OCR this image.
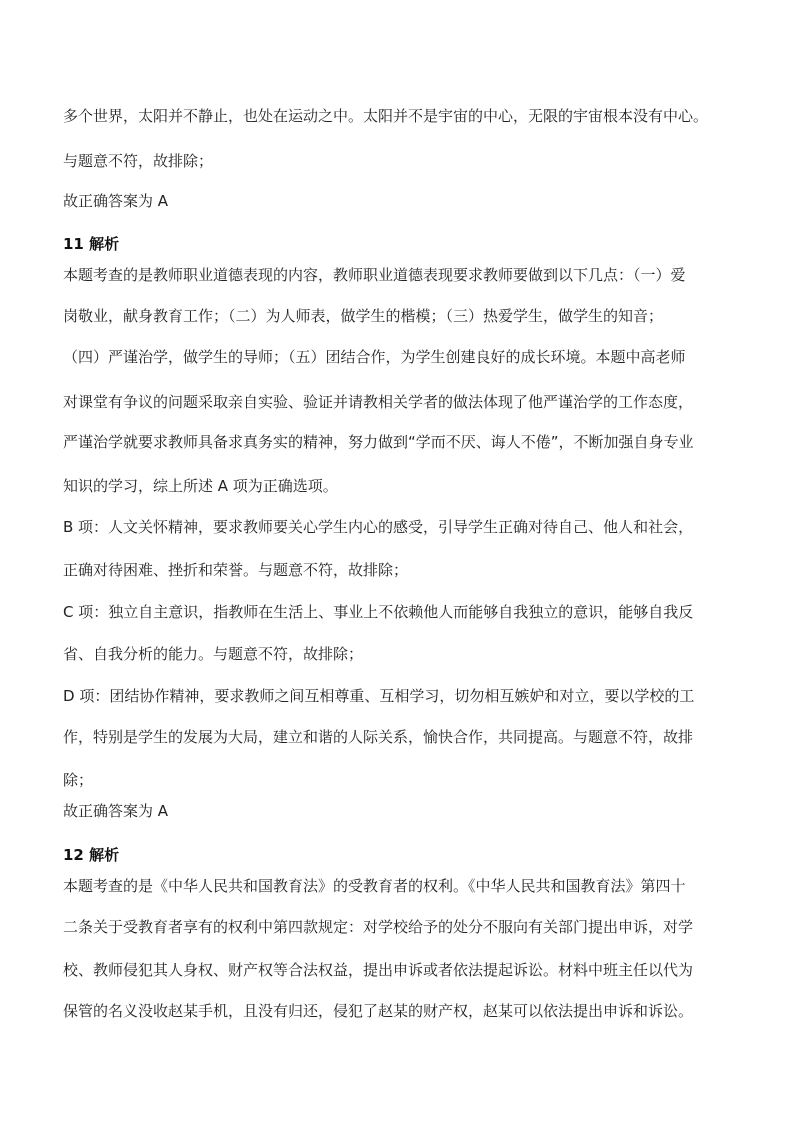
多个世界，太阳并不静止，也处在运动之中。太阳并不是宇宙的中心，无限的宇宙根本没有中心。
与题意不符，故排除；
故正确答案为 A
11 解析
本题考查的是教师职业道德表现的内容，教师职业道德表现要求教师要做到以下几点：（一）爱
岗敬业，献身教育工作；（二）为人师表，做学生的楷模；（三）热爱学生，做学生的知音；
（四）严谨治学，做学生的导师；（五）团结合作，为学生创建良好的成长环境。本题中高老师
对课堂有争议的问题采取亲自实验、验证并请教相关学者的做法体现了他严谨治学的工作态度，
严谨治学就要求教师具备求真务实的精神，努力做到“学而不厌、诲人不倦”，不断加强自身专业
知识的学习，综上所述 A 项为正确选项。
B 项：人文关怀精神，要求教师要关心学生内心的感受，引导学生正确对待自己、他人和社会，
正确对待困难、挫折和荣誉。与题意不符，故排除；
C 项：独立自主意识，指教师在生活上、事业上不依赖他人而能够自我独立的意识，能够自我反
省、自我分析的能力。与题意不符，故排除；
D 项：团结协作精神，要求教师之间互相尊重、互相学习，切勿相互嫉妒和对立，要以学校的工
作，特别是学生的发展为大局，建立和谐的人际关系，愉快合作，共同提高。与题意不符，故排
除；
故正确答案为 A
12 解析
本题考查的是《中华人民共和国教育法》的受教育者的权利。《中华人民共和国教育法》第四十
二条关于受教育者享有的权利中第四款规定：对学校给予的处分不服向有关部门提出申诉，对学
校、教师侵犯其人身权、财产权等合法权益，提出申诉或者依法提起诉讼。材料中班主任以代为
保管的名义没收赵某手机，且没有归还，侵犯了赵某的财产权，赵某可以依法提出申诉和诉讼。
